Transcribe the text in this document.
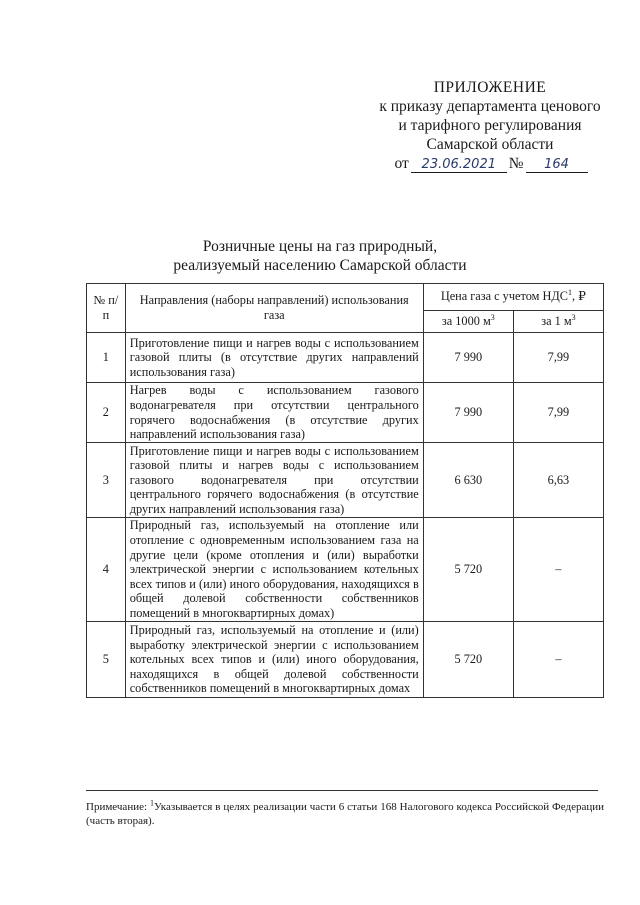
ПРИЛОЖЕНИЕ
к приказу департамента ценового
и тарифного регулирования
Самарской области
от 23.06.2021 №	164
Розничные цены на газ природный,
реализуемый населению Самарской области
№ п/п	Направления (наборы направлений) использования газа	Цена газа с учетом НДС$^1$, ₽	
		за 1000 $м^3$	за 1 $м^3$
1	Приготовление пищи и нагрев воды с использованием газовой плиты (в отсутствие других направлений использования газа)	7 990	7,99
2	Нагрев воды с использованием газового водонагревателя при отсутствии центрального горячего водоснабжения (в отсутствие других направлений использования газа)	7 990	7,99
3	Приготовление пищи и нагрев воды с использованием газовой плиты и нагрев воды с использованием газового водонагревателя при отсутствии центрального горячего водоснабжения (в отсутствие других направлений использования газа)	6 630	6,63
4	Природный газ, используемый на отопление или отопление с одновременным использованием газа на другие цели (кроме отопления и (или) выработки электрической энергии с использованием котельных всех типов и (или) иного оборудования, находящихся в общей долевой собственности собственников помещений в многоквартирных домах)	5 720	–
5	Природный газ, используемый на отопление и (или) выработку электрической энергии с использованием котельных всех типов и (или) иного оборудования, находящихся в общей долевой собственности собственников помещений в многоквартирных домах	5 720	–
Примечание: $^1$Указывается в целях реализации части 6 статьи 168 Налогового кодекса Российской Федерации (часть вторая).
